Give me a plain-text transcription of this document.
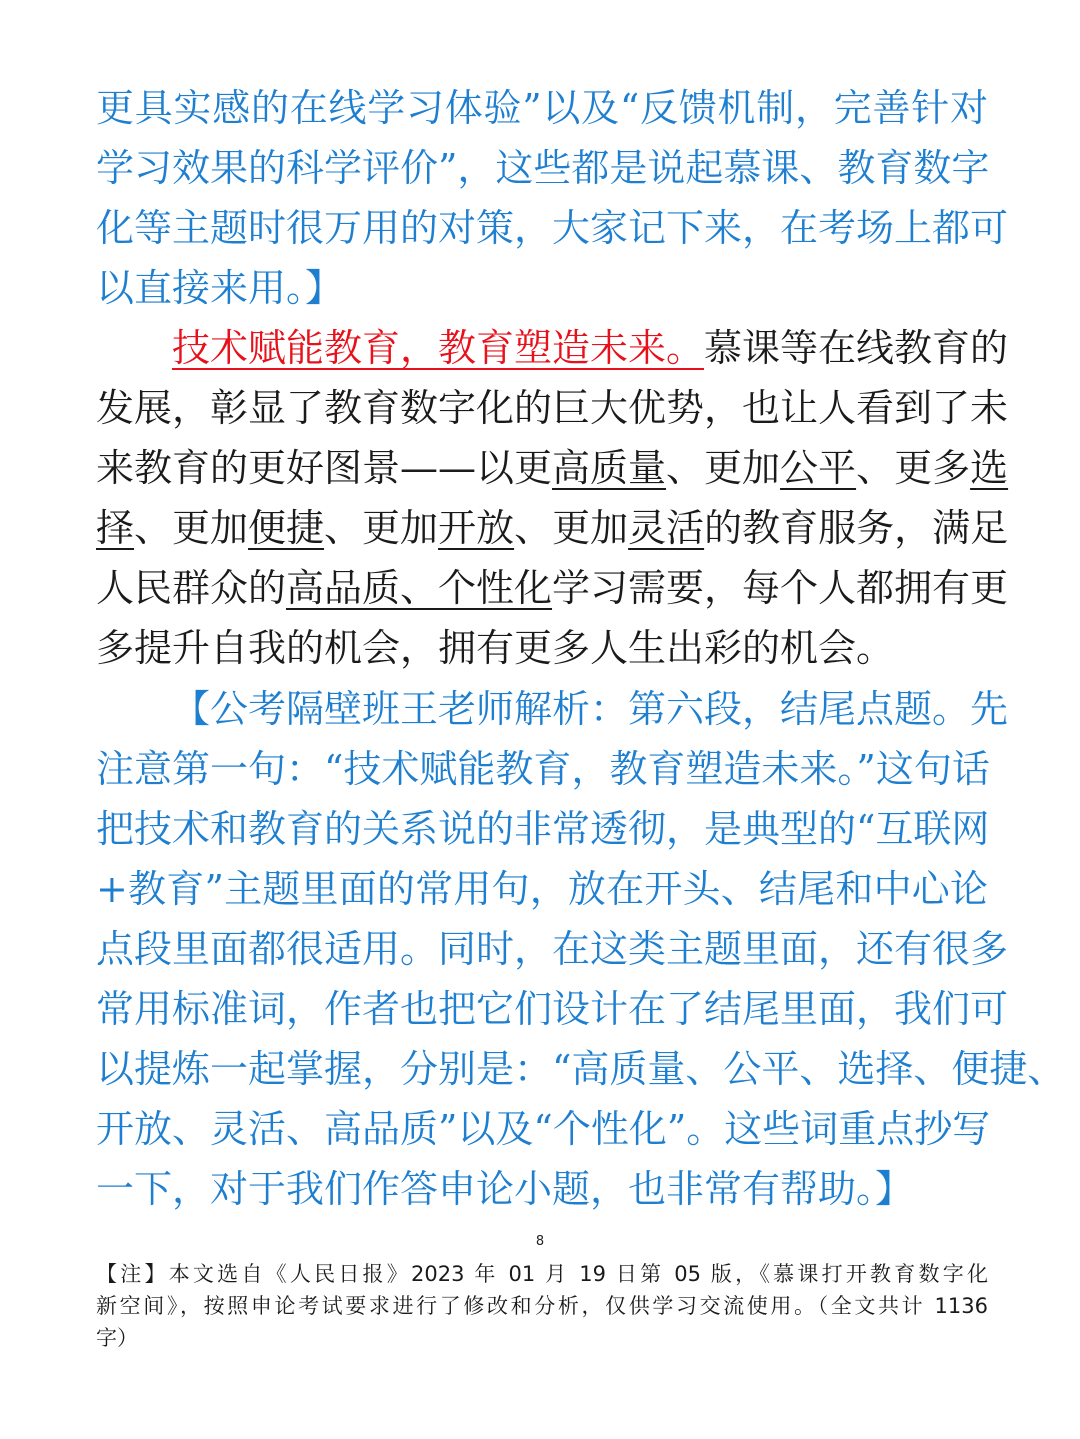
更具实感的在线学习体验”以及“反馈机制，完善针对
学习效果的科学评价”，这些都是说起慕课、教育数字
化等主题时很万用的对策，大家记下来，在考场上都可
以直接来用。】
技术赋能教育，教育塑造未来。慕课等在线教育的
发展，彰显了教育数字化的巨大优势，也让人看到了未
来教育的更好图景——以更高质量、更加公平、更多选
择、更加便捷、更加开放、更加灵活的教育服务，满足
人民群众的高品质、个性化学习需要，每个人都拥有更
多提升自我的机会，拥有更多人生出彩的机会。
【公考隔壁班王老师解析：第六段，结尾点题。先
注意第一句：“技术赋能教育，教育塑造未来。”这句话
把技术和教育的关系说的非常透彻，是典型的“互联网
+教育”主题里面的常用句，放在开头、结尾和中心论
点段里面都很适用。同时，在这类主题里面，还有很多
常用标准词，作者也把它们设计在了结尾里面，我们可
以提炼一起掌握，分别是：“高质量、公平、选择、便捷、
开放、灵活、高品质”以及“个性化”。这些词重点抄写
一下，对于我们作答申论小题，也非常有帮助。】
8
【注】本文选自《人民日报》2023 年 01 月 19 日第 05 版，《慕课打开教育数字化
新空间》，按照申论考试要求进行了修改和分析，仅供学习交流使用。（全文共计 1136
字）
